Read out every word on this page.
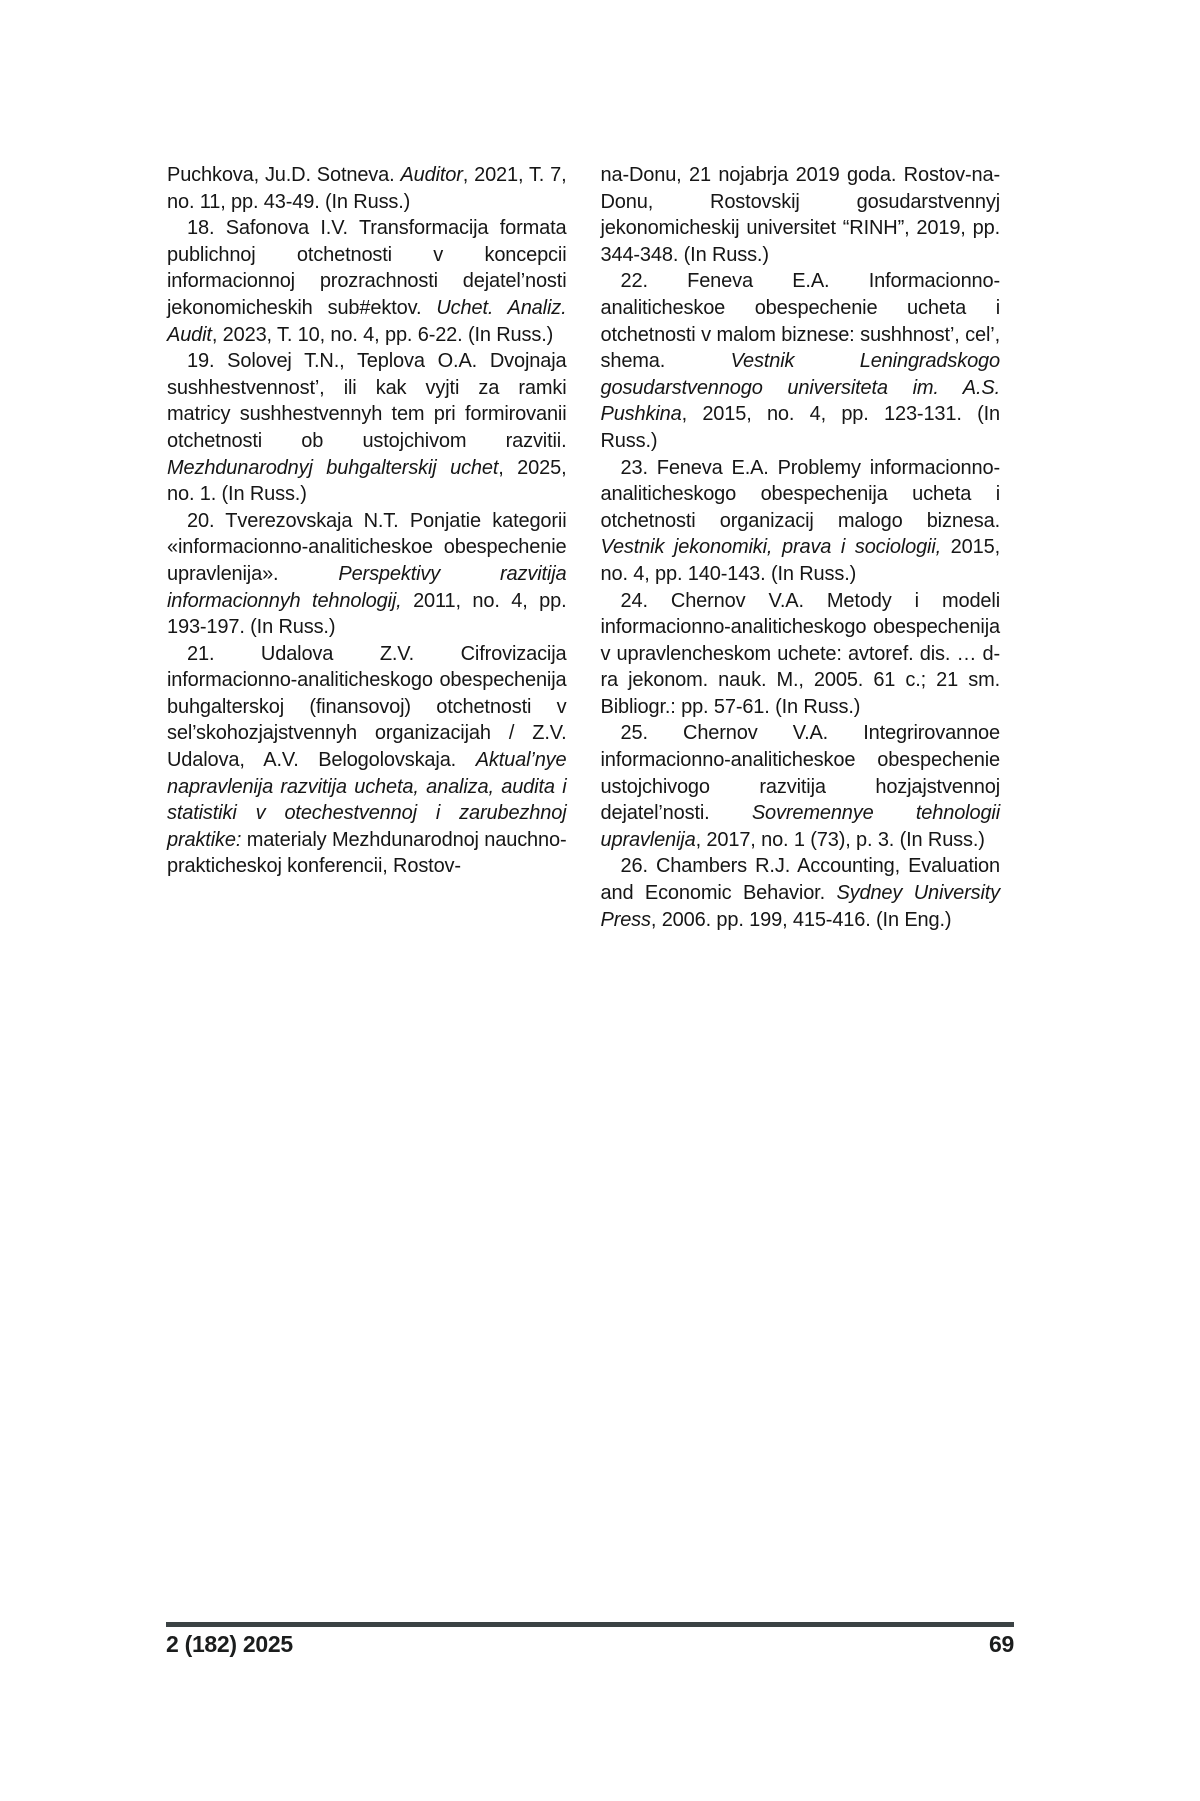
Puchkova, Ju.D. Sotneva. Auditor, 2021, T. 7, no. 11, pp. 43-49. (In Russ.)

18. Safonova I.V. Transformacija formata publichnoj otchetnosti v koncepcii informacionnoj prozrachnosti dejatel’nosti jekonomicheskih sub#ektov. Uchet. Analiz. Audit, 2023, T. 10, no. 4, pp. 6-22. (In Russ.)

19. Solovej T.N., Teplova O.A. Dvojnaja sushhestvennost’, ili kak vyjti za ramki matricy sushhestvennyh tem pri formirovanii otchetnosti ob ustojchivom razvitii. Mezhdunarodnyj buhgalterskij uchet, 2025, no. 1. (In Russ.)

20. Tverezovskaja N.T. Ponjatie kategorii «informacionno-analiticheskoe obespechenie upravlenija». Perspektivy razvitija informacionnyh tehnologij, 2011, no. 4, pp. 193-197. (In Russ.)

21. Udalova Z.V. Cifrovizacija informacionno-analiticheskogo obespechenija buhgalterskoj (finansovoj) otchetnosti v sel’skohozjajstvennyh organizacijah / Z.V. Udalova, A.V. Belogolovskaja. Aktual’nye napravlenija razvitija ucheta, analiza, audita i statistiki v otechestvennoj i zarubezhnoj praktike: materialy Mezhdunarodnoj nauchno-prakticheskoj konferencii, Rostov-

na-Donu, 21 nojabrja 2019 goda. Rostov-na-Donu, Rostovskij gosudarstvennyj jekonomicheskij universitet “RINH”, 2019, pp. 344-348. (In Russ.)

22. Feneva E.A. Informacionno-analiticheskoe obespechenie ucheta i otchetnosti v malom biznese: sushhnost’, cel’, shema. Vestnik Leningradskogo gosudarstvennogo universiteta im. A.S. Pushkina, 2015, no. 4, pp. 123-131. (In Russ.)

23. Feneva E.A. Problemy informacionno-analiticheskogo obespechenija ucheta i otchetnosti organizacij malogo biznesa. Vestnik jekonomiki, prava i sociologii, 2015, no. 4, pp. 140-143. (In Russ.)

24. Chernov V.A. Metody i modeli informacionno-analiticheskogo obespechenija v upravlencheskom uchete: avtoref. dis. … d-ra jekonom. nauk. M., 2005. 61 c.; 21 sm. Bibliogr.: pp. 57-61. (In Russ.)

25. Chernov V.A. Integrirovannoe informacionno-analiticheskoe obespechenie ustojchivogo razvitija hozjajstvennoj dejatel’nosti. Sovremennye tehnologii upravlenija, 2017, no. 1 (73), p. 3. (In Russ.)

26. Chambers R.J. Accounting, Evaluation and Economic Behavior. Sydney University Press, 2006. pp. 199, 415-416. (In Eng.)

2 (182) 2025	69
